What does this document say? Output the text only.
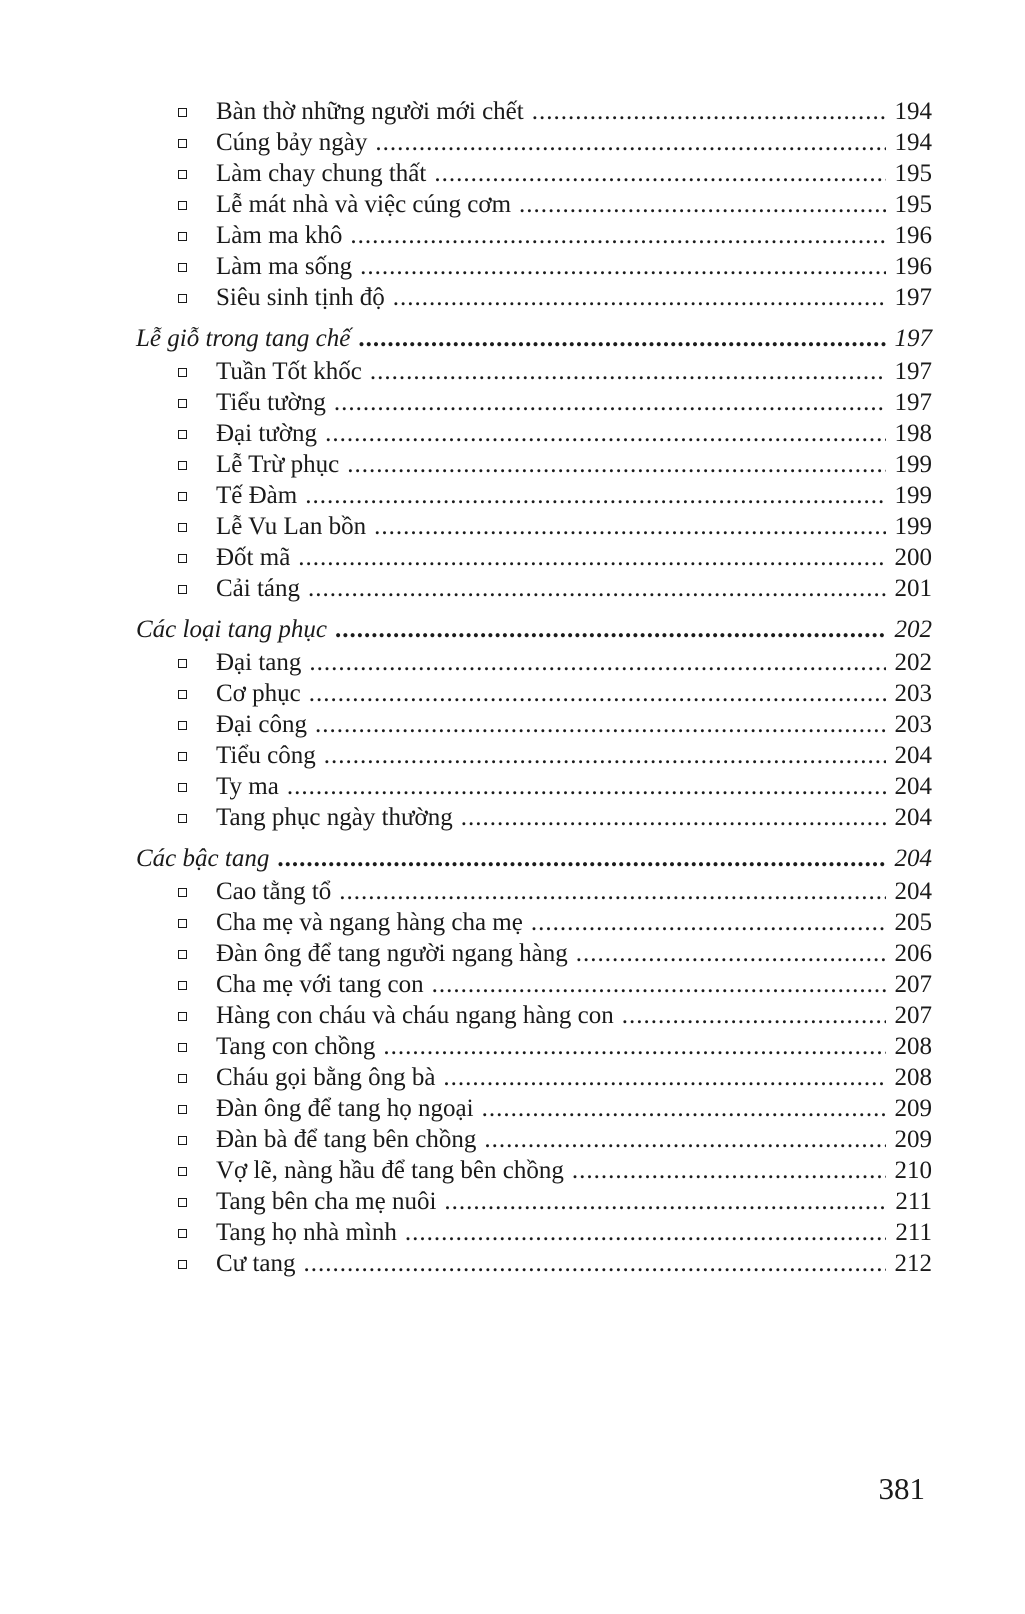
Bàn thờ những người mới chết .....	194
Cúng bảy ngày .....	194
Làm chay chung thất .....	195
Lễ mát nhà và việc cúng cơm .....	195
Làm ma khô .....	196
Làm ma sống .....	196
Siêu sinh tịnh độ .....	197
Lễ giỗ trong tang chế .....	197
Tuần Tốt khốc .....	197
Tiểu tường .....	197
Đại tường .....	198
Lễ Trừ phục .....	199
Tế Đàm .....	199
Lễ Vu Lan bồn .....	199
Đốt mã .....	200
Cải táng .....	201
Các loại tang phục .....	202
Đại tang .....	202
Cơ phục .....	203
Đại công .....	203
Tiểu công .....	204
Ty ma .....	204
Tang phục ngày thường .....	204
Các bậc tang .....	204
Cao tằng tổ .....	204
Cha mẹ và ngang hàng cha mẹ .....	205
Đàn ông để tang người ngang hàng .....	206
Cha mẹ với tang con .....	207
Hàng con cháu và cháu ngang hàng con .....	207
Tang con chồng .....	208
Cháu gọi bằng ông bà .....	208
Đàn ông để tang họ ngoại .....	209
Đàn bà để tang bên chồng .....	209
Vợ lẽ, nàng hầu để tang bên chồng .....	210
Tang bên cha mẹ nuôi .....	211
Tang họ nhà mình .....	211
Cư tang .....	212
381
